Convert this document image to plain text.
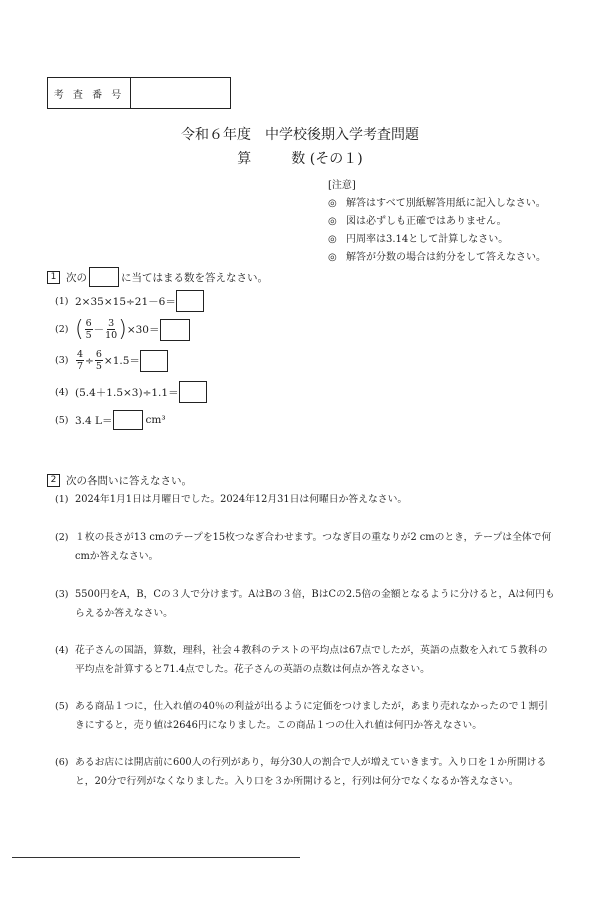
考 査 番 号
令和６年度　中学校後期入学考査問題
算	数 (その１)
[注意]
◎ 解答はすべて別紙解答用紙に記入しなさい。
◎ 図は必ずしも正確ではありません。
◎ 円周率は3.14として計算しなさい。
◎ 解答が分数の場合は約分をして答えなさい。
1 次の	に当てはまる数を答えなさい。
(1) 2×35×15÷21－6＝
(2) ( $\frac{6}{5} - \frac{3}{10}$ ) ×30＝
$(3) \frac{4}{7} \div \frac{6}{5} \times 1.5=$
(4) (5.4＋1.5×3)÷1.1＝
(5) 3.4 L＝	cm³
2 次の各問いに答えなさい。
(1) 2024年1月1日は月曜日でした。2024年12月31日は何曜日か答えなさい。
(2) １枚の長さが13 cmのテープを15枚つなぎ合わせます。つなぎ目の重なりが2 cmのとき，テープは全体で何cmか答えなさい。
(3) 5500円をA，B，Cの３人で分けます。AはBの３倍，BはCの2.5倍の金額となるように分けると，Aは何円もらえるか答えなさい。
(4) 花子さんの国語，算数，理科，社会４教科のテストの平均点は67点でしたが，英語の点数を入れて５教科の平均点を計算すると71.4点でした。花子さんの英語の点数は何点か答えなさい。
(5) ある商品１つに，仕入れ値の40％の利益が出るように定価をつけましたが，あまり売れなかったので１割引きにすると，売り値は2646円になりました。この商品１つの仕入れ値は何円か答えなさい。
(6) あるお店には開店前に600人の行列があり，毎分30人の割合で人が増えていきます。入り口を１か所開けると，20分で行列がなくなりました。入り口を３か所開けると，行列は何分でなくなるか答えなさい。
